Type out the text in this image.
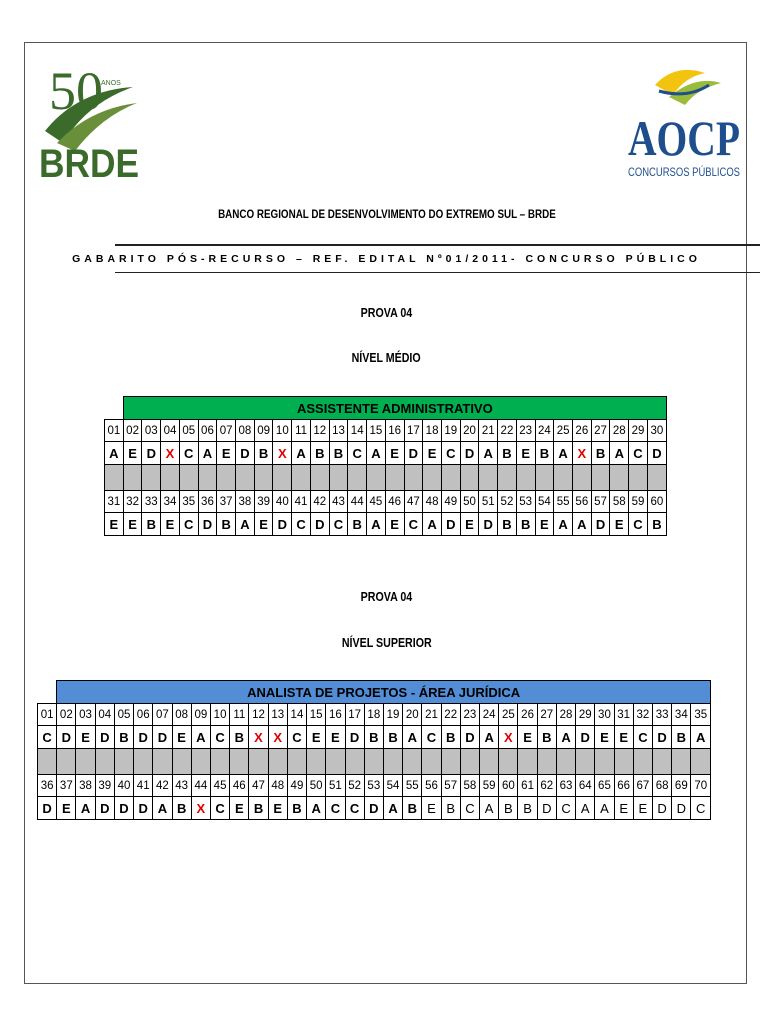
50
ANOS
BRDE	AOCP
CONCURSOS PÚBLICOS
BANCO REGIONAL DE DESENVOLVIMENTO DO EXTREMO SUL – BRDE
GABARITO PÓS-RECURSO – REF. EDITAL Nº01/2011- CONCURSO PÚBLICO
PROVA 04
NÍVEL MÉDIO
	ASSISTENTE ADMINISTRATIVO																												
01	02	03	04	05	06	07	08	09	10	11	12	13	14	15	16	17	18	19	20	21	22	23	24	25	26	27	28	29	30
A	E	D	X	C	A	E	D	B	X	A	B	B	C	A	E	D	E	C	D	A	B	E	B	A	X	B	A	C	D

31	32	33	34	35	36	37	38	39	40	41	42	43	44	45	46	47	48	49	50	51	52	53	54	55	56	57	58	59	60
E	E	B	E	C	D	B	A	E	D	C	D	C	B	A	E	C	A	D	E	D	B	B	E	A	A	D	E	C	B
PROVA 04
NÍVEL SUPERIOR
	ANALISTA DE PROJETOS - ÁREA JURÍDICA																																	
01	02	03	04	05	06	07	08	09	10	11	12	13	14	15	16	17	18	19	20	21	22	23	24	25	26	27	28	29	30	31	32	33	34	35
C	D	E	D	B	D	D	E	A	C	B	X	X	C	E	E	D	B	B	A	C	B	D	A	X	E	B	A	D	E	E	C	D	B	A

36	37	38	39	40	41	42	43	44	45	46	47	48	49	50	51	52	53	54	55	56	57	58	59	60	61	62	63	64	65	66	67	68	69	70
D	E	A	D	D	D	A	B	X	C	E	B	E	B	A	C	C	D	A	B	E	B	C	A	B	B	D	C	A	A	E	E	D	D	C
